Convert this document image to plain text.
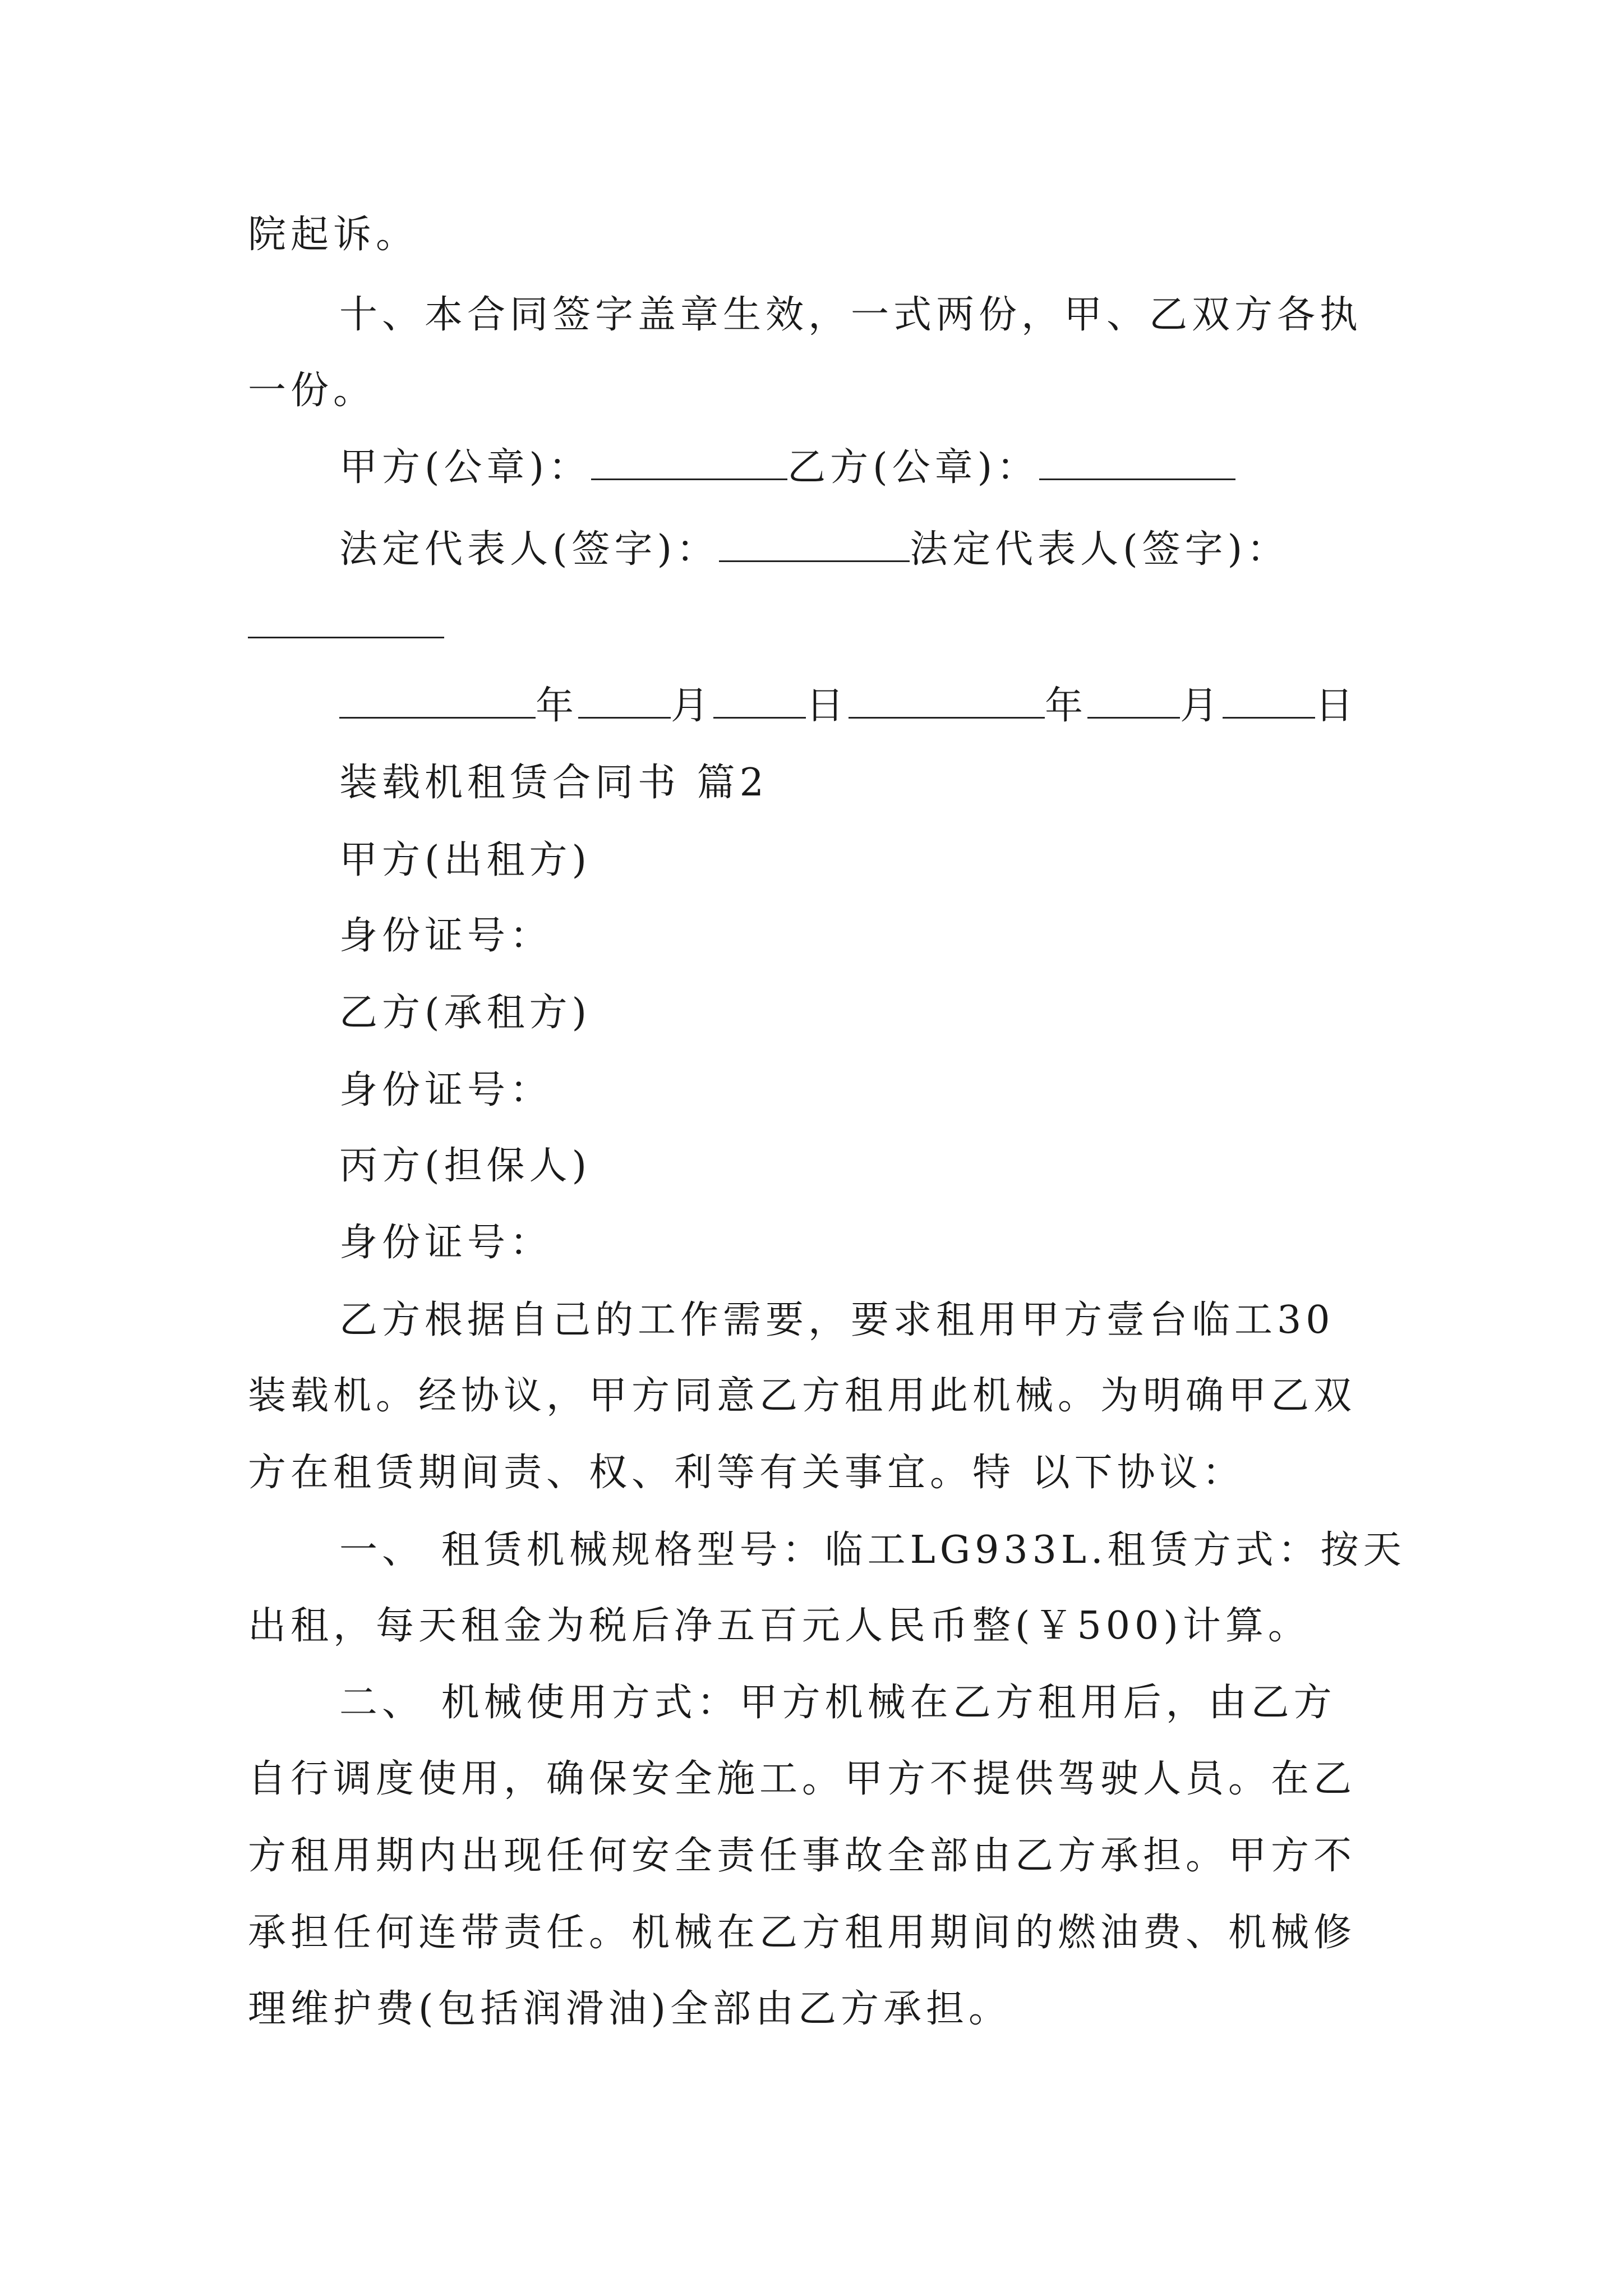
院起诉。
十、本合同签字盖章生效，一式两份，甲、乙双方各执
一份。
甲方(公章)：	乙方(公章)：
法定代表人(签字)：	法定代表人(签字)：
年 月 日	年 月 日
装载机租赁合同书 篇2
甲方(出租方)
身份证号：
乙方(承租方)
身份证号：
丙方(担保人)
身份证号：
乙方根据自己的工作需要，要求租用甲方壹台临工30
装载机。经协议，甲方同意乙方租用此机械。为明确甲乙双
方在租赁期间责、权、利等有关事宜。特 以下协议：
一、 租赁机械规格型号：临工LG933L.租赁方式：按天
出租，每天租金为税后净五百元人民币整(￥500)计算。
二、 机械使用方式：甲方机械在乙方租用后，由乙方
自行调度使用，确保安全施工。甲方不提供驾驶人员。在乙
方租用期内出现任何安全责任事故全部由乙方承担。甲方不
承担任何连带责任。机械在乙方租用期间的燃油费、机械修
理维护费(包括润滑油)全部由乙方承担。
